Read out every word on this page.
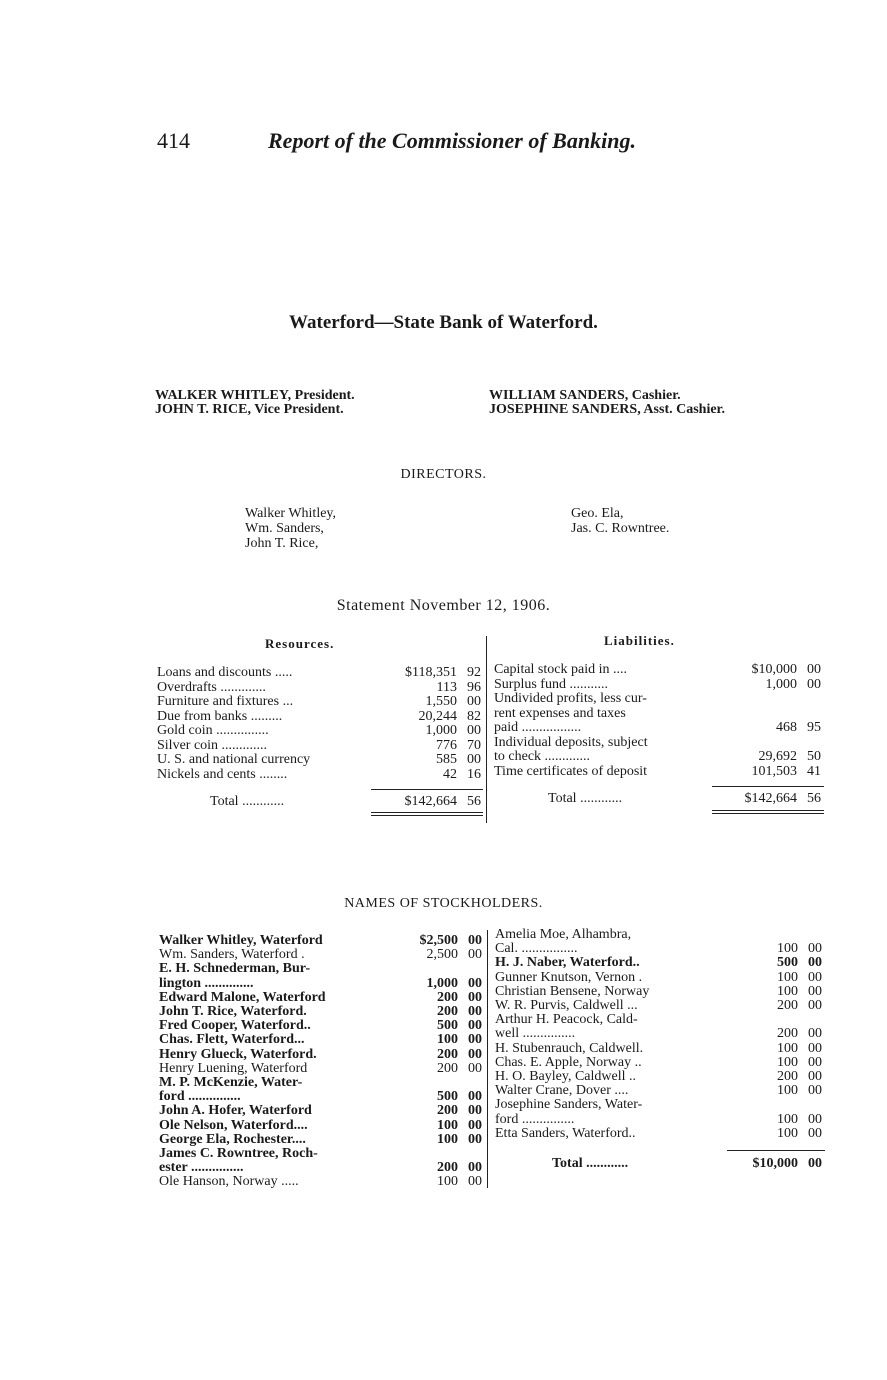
414	Report of the Commissioner of Banking.
Waterford—State Bank of Waterford.
WALKER WHITLEY, President.
JOHN T. RICE, Vice President.
WILLIAM SANDERS, Cashier.
JOSEPHINE SANDERS, Asst. Cashier.
DIRECTORS.
Walker Whitley,
Wm. Sanders,
John T. Rice,
Geo. Ela,
Jas. C. Rowntree.
Statement November 12, 1906.
Resources.	Liabilities.
Loans and discounts .....	$118,351 92
Overdrafts .............	113 96
Furniture and fixtures ...	1,550 00
Due from banks .........	20,244 82
Gold coin ...............	1,000 00
Silver coin .............	776 70
U. S. and national currency	585 00
Nickels and cents ........	42 16
Total ............	$142,664 56
Capital stock paid in ....	$10,000 00
Surplus fund ...........	1,000 00
Undivided profits, less cur-
rent expenses and taxes
paid .................	468 95
Individual deposits, subject
to check .............	29,692 50
Time certificates of deposit	101,503 41
Total ............	$142,664 56
NAMES OF STOCKHOLDERS.
Walker Whitley, Waterford	$2,500 00
Wm. Sanders, Waterford .	2,500 00
E. H. Schnederman, Bur-
lington ..............	1,000 00
Edward Malone, Waterford	200 00
John T. Rice, Waterford.	200 00
Fred Cooper, Waterford..	500 00
Chas. Flett, Waterford...	100 00
Henry Glueck, Waterford.	200 00
Henry Luening, Waterford	200 00
M. P. McKenzie, Water-
ford ...............	500 00
John A. Hofer, Waterford	200 00
Ole Nelson, Waterford....	100 00
George Ela, Rochester....	100 00
James C. Rowntree, Roch-
ester ...............	200 00
Ole Hanson, Norway .....	100 00
Amelia Moe, Alhambra,
Cal. ................	100 00
H. J. Naber, Waterford..	500 00
Gunner Knutson, Vernon .	100 00
Christian Bensene, Norway	100 00
W. R. Purvis, Caldwell ...	200 00
Arthur H. Peacock, Cald-
well ...............	200 00
H. Stubenrauch, Caldwell.	100 00
Chas. E. Apple, Norway ..	100 00
H. O. Bayley, Caldwell ..	200 00
Walter Crane, Dover ....	100 00
Josephine Sanders, Water-
ford ...............	100 00
Etta Sanders, Waterford..	100 00
Total ............	$10,000 00
